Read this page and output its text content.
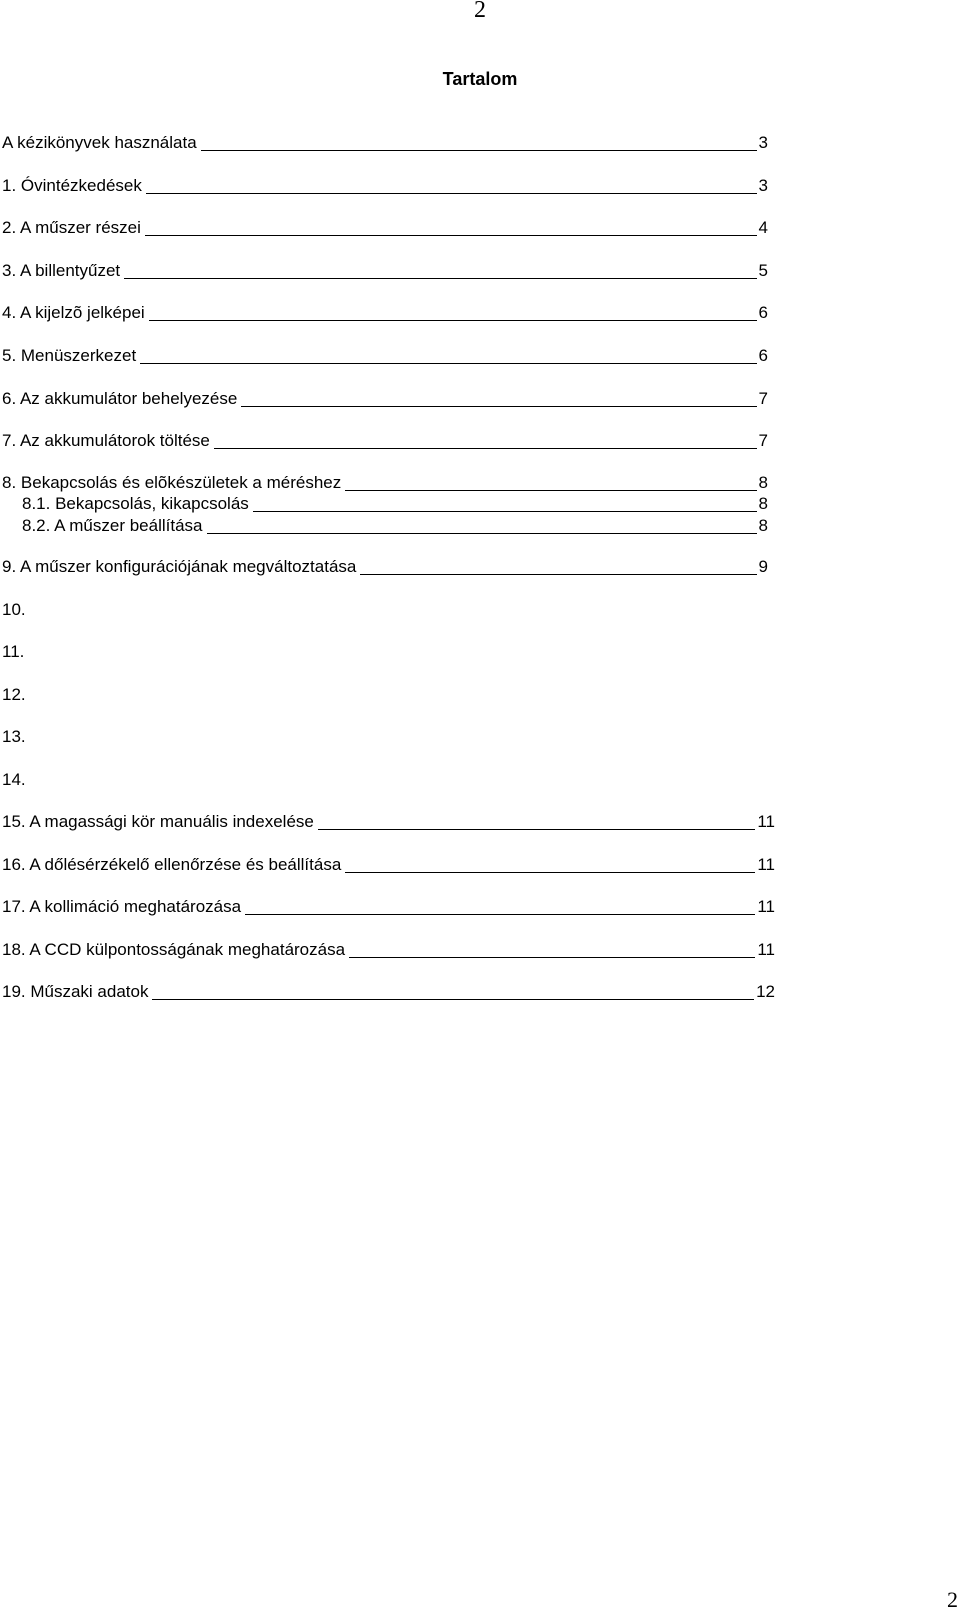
2
Tartalom
A kézikönyvek használata	3
1. Óvintézkedések	3
2. A műszer részei	4
3. A billentyűzet	5
4. A kijelzõ jelképei	6
5. Menüszerkezet	6
6. Az akkumulátor behelyezése	7
7. Az akkumulátorok töltése	7
8. Bekapcsolás és elõkészületek a méréshez	8
8.1. Bekapcsolás, kikapcsolás	8
8.2. A műszer beállítása	8
9. A műszer konfigurációjának megváltoztatása	9
10.
11.
12.
13.
14.
15. A magassági kör manuális indexelése	11
16. A dőlésérzékelő ellenőrzése és beállítása	11
17. A kollimáció meghatározása	11
18. A CCD külpontosságának meghatározása	11
19. Műszaki adatok	12
2
